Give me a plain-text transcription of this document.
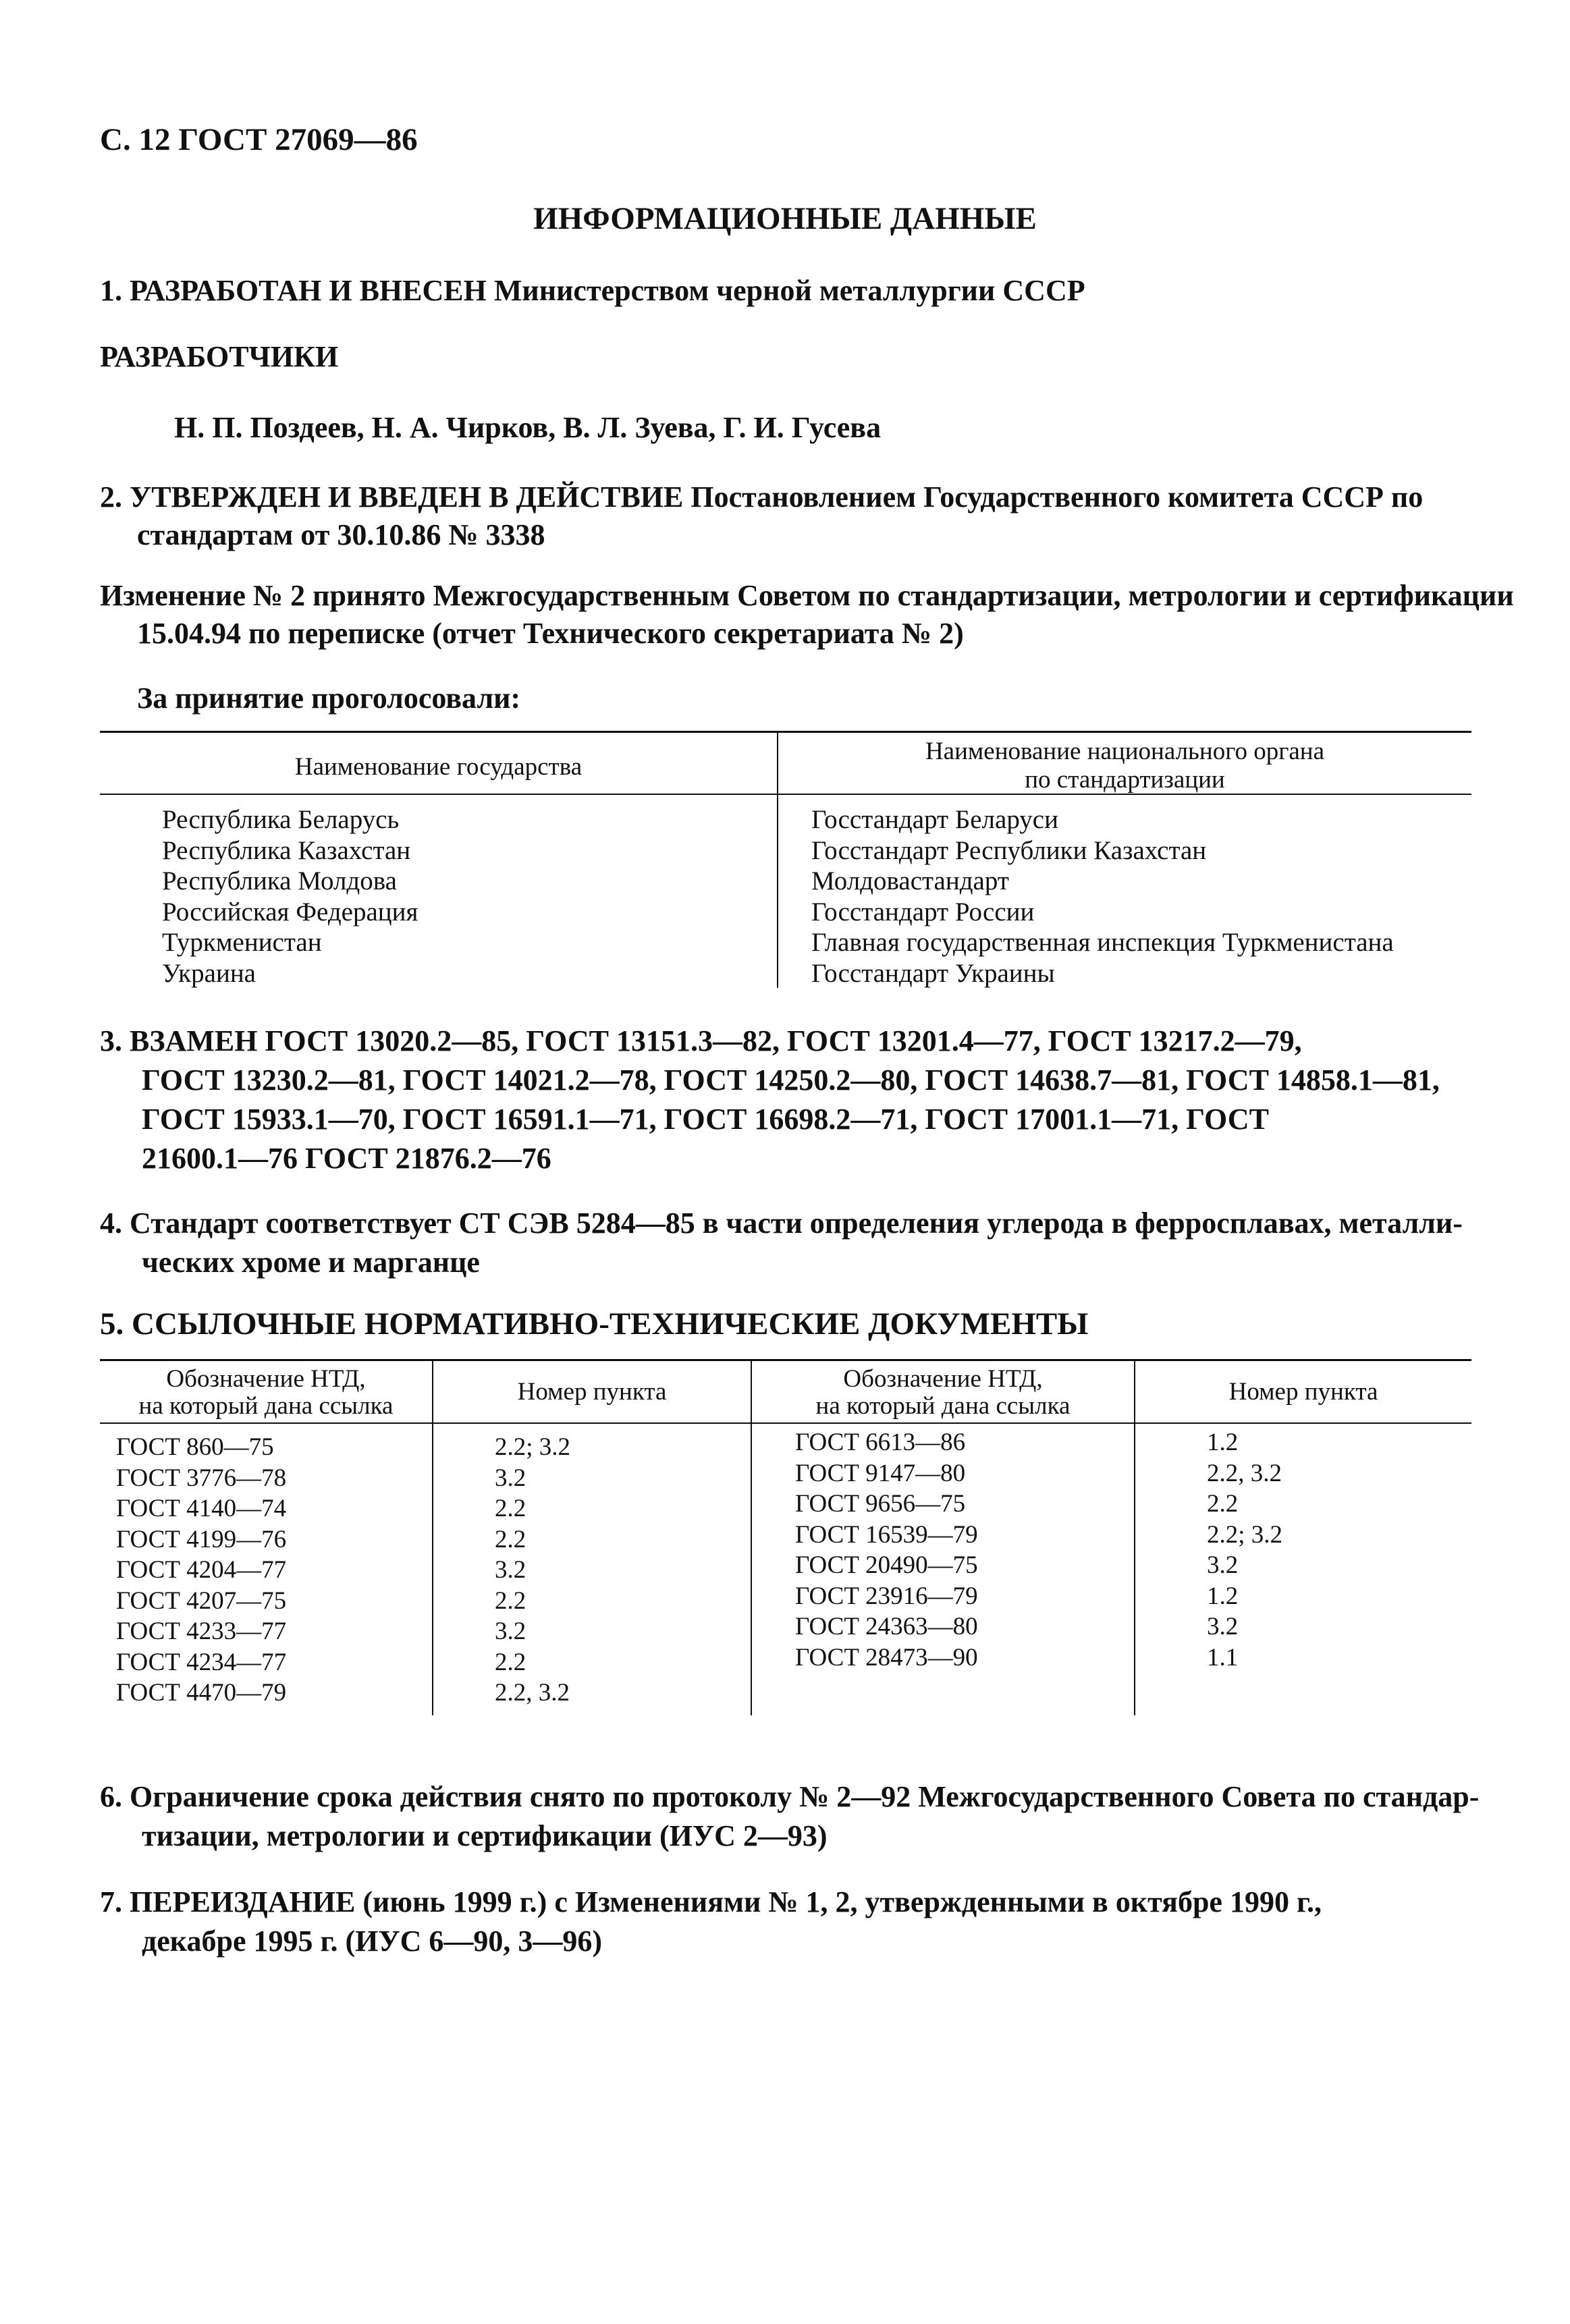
С. 12 ГОСТ 27069—86
ИНФОРМАЦИОННЫЕ ДАННЫЕ
1. РАЗРАБОТАН И ВНЕСЕН Министерством черной металлургии СССР
РАЗРАБОТЧИКИ
Н. П. Поздеев, Н. А. Чирков, В. Л. Зуева, Г. И. Гусева
2. УТВЕРЖДЕН И ВВЕДЕН В ДЕЙСТВИЕ Постановлением Государственного комитета СССР по
стандартам от 30.10.86 № 3338
Изменение № 2 принято Межгосударственным Советом по стандартизации, метрологии и сертификации
15.04.94 по переписке (отчет Технического секретариата № 2)
За принятие проголосовали:
Наименование государства
Наименование национального органа
по стандартизации
Республика Беларусь
Республика Казахстан
Республика Молдова
Российская Федерация
Туркменистан
Украина
Госстандарт Беларуси
Госстандарт Республики Казахстан
Молдовастандарт
Госстандарт России
Главная государственная инспекция Туркменистана
Госстандарт Украины
3. ВЗАМЕН ГОСТ 13020.2—85, ГОСТ 13151.3—82, ГОСТ 13201.4—77, ГОСТ 13217.2—79,
ГОСТ 13230.2—81, ГОСТ 14021.2—78, ГОСТ 14250.2—80, ГОСТ 14638.7—81, ГОСТ 14858.1—81,
ГОСТ 15933.1—70, ГОСТ 16591.1—71, ГОСТ 16698.2—71, ГОСТ 17001.1—71, ГОСТ
21600.1—76 ГОСТ 21876.2—76
4. Стандарт соответствует СТ СЭВ 5284—85 в части определения углерода в ферросплавах, металли-
ческих хроме и марганце
5. ССЫЛОЧНЫЕ НОРМАТИВНО-ТЕХНИЧЕСКИЕ ДОКУМЕНТЫ
Обозначение НТД,
на который дана ссылка
Номер пункта	Обозначение НТД,
на который дана ссылка
Номер пункта
ГОСТ 860—75
ГОСТ 3776—78
ГОСТ 4140—74
ГОСТ 4199—76
ГОСТ 4204—77
ГОСТ 4207—75
ГОСТ 4233—77
ГОСТ 4234—77
ГОСТ 4470—79
2.2; 3.2
3.2
2.2
2.2
3.2
2.2
3.2
2.2
2.2, 3.2
ГОСТ 6613—86
ГОСТ 9147—80
ГОСТ 9656—75
ГОСТ 16539—79
ГОСТ 20490—75
ГОСТ 23916—79
ГОСТ 24363—80
ГОСТ 28473—90
1.2
2.2, 3.2
2.2
2.2; 3.2
3.2
1.2
3.2
1.1
6. Ограничение срока действия снято по протоколу № 2—92 Межгосударственного Совета по стандар-
тизации, метрологии и сертификации (ИУС 2—93)
7. ПЕРЕИЗДАНИЕ (июнь 1999 г.) с Изменениями № 1, 2, утвержденными в октябре 1990 г.,
декабре 1995 г. (ИУС 6—90, 3—96)
